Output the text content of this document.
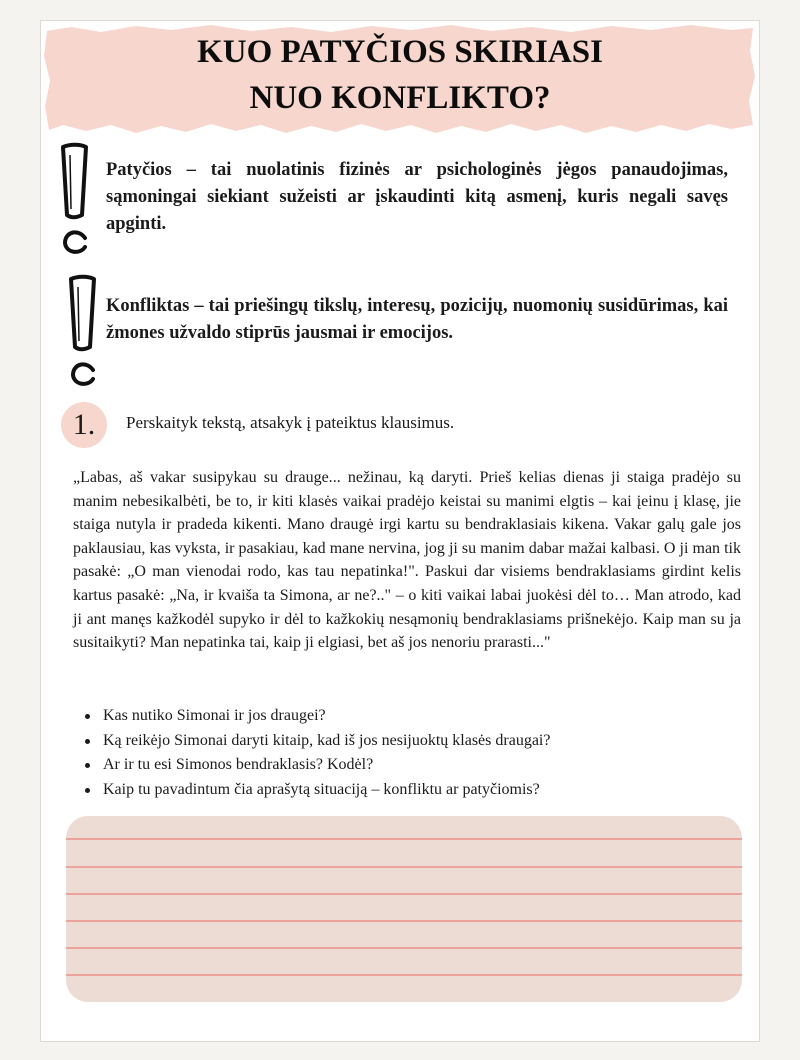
KUO PATYČIOS SKIRIASI
NUO KONFLIKTO?
Patyčios – tai nuolatinis fizinės ar psichologinės jėgos panaudojimas, sąmoningai siekiant sužeisti ar įskaudinti kitą asmenį, kuris negali savęs apginti.
Konfliktas – tai priešingų tikslų, interesų, pozicijų, nuomonių susidūrimas, kai žmones užvaldo stiprūs jausmai ir emocijos.
1.	Perskaityk tekstą, atsakyk į pateiktus klausimus.
„Labas, aš vakar susipykau su drauge... nežinau, ką daryti. Prieš kelias dienas ji staiga pradėjo su manim nebesikalbėti, be to, ir kiti klasės vaikai pradėjo keistai su manimi elgtis – kai įeinu į klasę, jie staiga nutyla ir pradeda kikenti. Mano draugė irgi kartu su bendraklasiais kikena. Vakar galų gale jos paklausiau, kas vyksta, ir pasakiau, kad mane nervina, jog ji su manim dabar mažai kalbasi. O ji man tik pasakė: „O man vienodai rodo, kas tau nepatinka!". Paskui dar visiems bendraklasiams girdint kelis kartus pasakė: „Na, ir kvaiša ta Simona, ar ne?.." – o kiti vaikai labai juokėsi dėl to… Man atrodo, kad ji ant manęs kažkodėl supyko ir dėl to kažkokių nesąmonių bendraklasiams prišnekėjo. Kaip man su ja susitaikyti? Man nepatinka tai, kaip ji elgiasi, bet aš jos nenoriu prarasti..."
Kas nutiko Simonai ir jos draugei?
Ką reikėjo Simonai daryti kitaip, kad iš jos nesijuoktų klasės draugai?
Ar ir tu esi Simonos bendraklasis? Kodėl?
Kaip tu pavadintum čia aprašytą situaciją – konfliktu ar patyčiomis?
